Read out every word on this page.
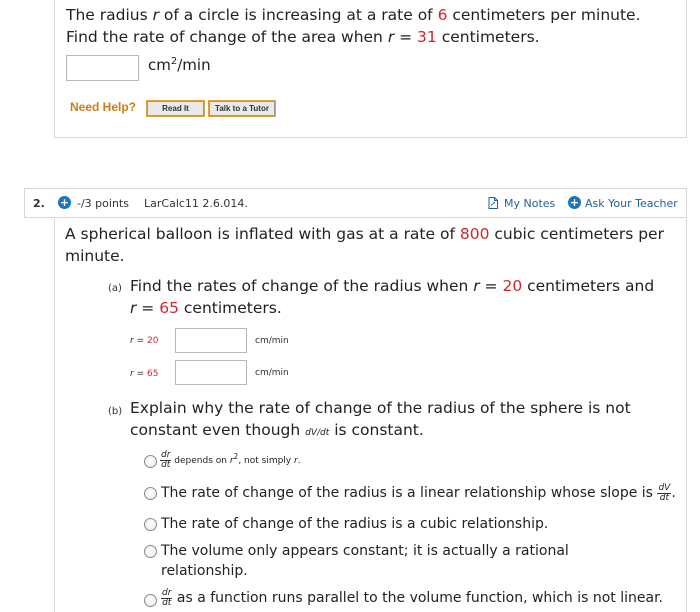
The radius r of a circle is increasing at a rate of 6 centimeters per minute.
Find the rate of change of the area when r = 31 centimeters.
$cm^2/\min$
Need Help?	Read It	Talk to a Tutor
2. + -/3 points LarCalc11 2.6.014.	My Notes + Ask Your Teacher
A spherical balloon is inflated with gas at a rate of 800 cubic centimeters per minute.
(a) Find the rates of change of the radius when r = 20 centimeters and
r = 65 centimeters.
r = 20	cm/min
r = 65	cm/min
(b) Explain why the rate of change of the radius of the sphere is not
constant even though dV/dt is constant.
$\frac{dr}{dt}$ depends on $r^2$, not simply r.
The rate of change of the radius is a linear relationship whose slope is $\frac{dV}{dt}$ .
The rate of change of the radius is a cubic relationship.
The volume only appears constant; it is actually a rational
relationship.
$\frac{dr}{dt}$ as a function runs parallel to the volume function, which is not linear.
